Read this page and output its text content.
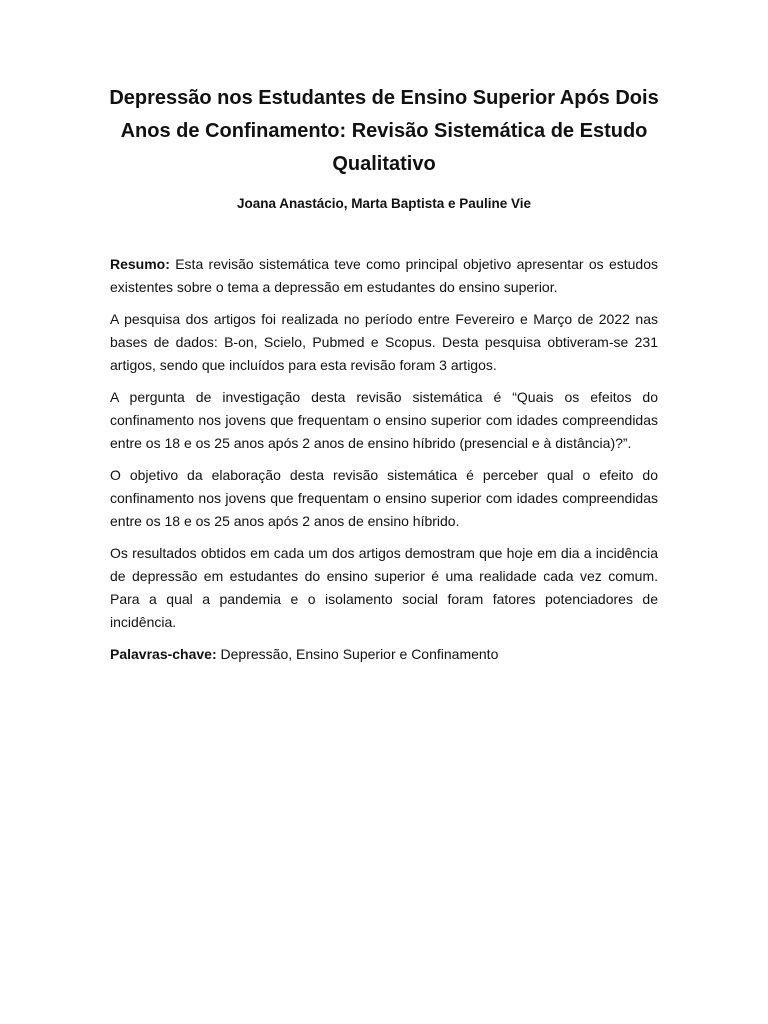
Depressão nos Estudantes de Ensino Superior Após Dois Anos de Confinamento: Revisão Sistemática de Estudo Qualitativo

Joana Anastácio, Marta Baptista e Pauline Vie

Resumo: Esta revisão sistemática teve como principal objetivo apresentar os estudos existentes sobre o tema a depressão em estudantes do ensino superior.

A pesquisa dos artigos foi realizada no período entre Fevereiro e Março de 2022 nas bases de dados: B-on, Scielo, Pubmed e Scopus. Desta pesquisa obtiveram-se 231 artigos, sendo que incluídos para esta revisão foram 3 artigos.

A pergunta de investigação desta revisão sistemática é “Quais os efeitos do confinamento nos jovens que frequentam o ensino superior com idades compreendidas entre os 18 e os 25 anos após 2 anos de ensino híbrido (presencial e à distância)?”.

O objetivo da elaboração desta revisão sistemática é perceber qual o efeito do confinamento nos jovens que frequentam o ensino superior com idades compreendidas entre os 18 e os 25 anos após 2 anos de ensino híbrido.

Os resultados obtidos em cada um dos artigos demostram que hoje em dia a incidência de depressão em estudantes do ensino superior é uma realidade cada vez comum. Para a qual a pandemia e o isolamento social foram fatores potenciadores de incidência.

Palavras-chave: Depressão, Ensino Superior e Confinamento
